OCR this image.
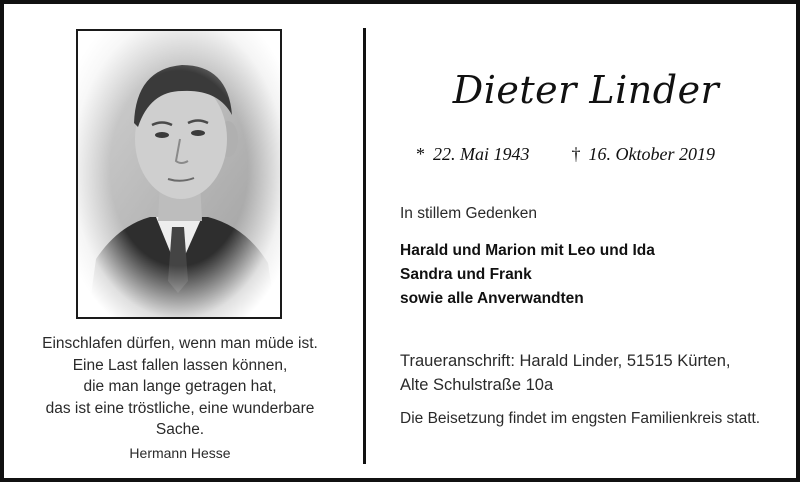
Einschlafen dürfen, wenn man müde ist.
Eine Last fallen lassen können,
die man lange getragen hat,
das ist eine tröstliche, eine wunderbare
Sache.

Hermann Hesse
Dieter Linder
* 22. Mai 1943 † 16. Oktober 2019
In stillem Gedenken
Harald und Marion mit Leo und Ida
Sandra und Frank
sowie alle Anverwandten
Traueranschrift: Harald Linder, 51515 Kürten,
Alte Schulstraße 10a
Die Beisetzung findet im engsten Familienkreis statt.
